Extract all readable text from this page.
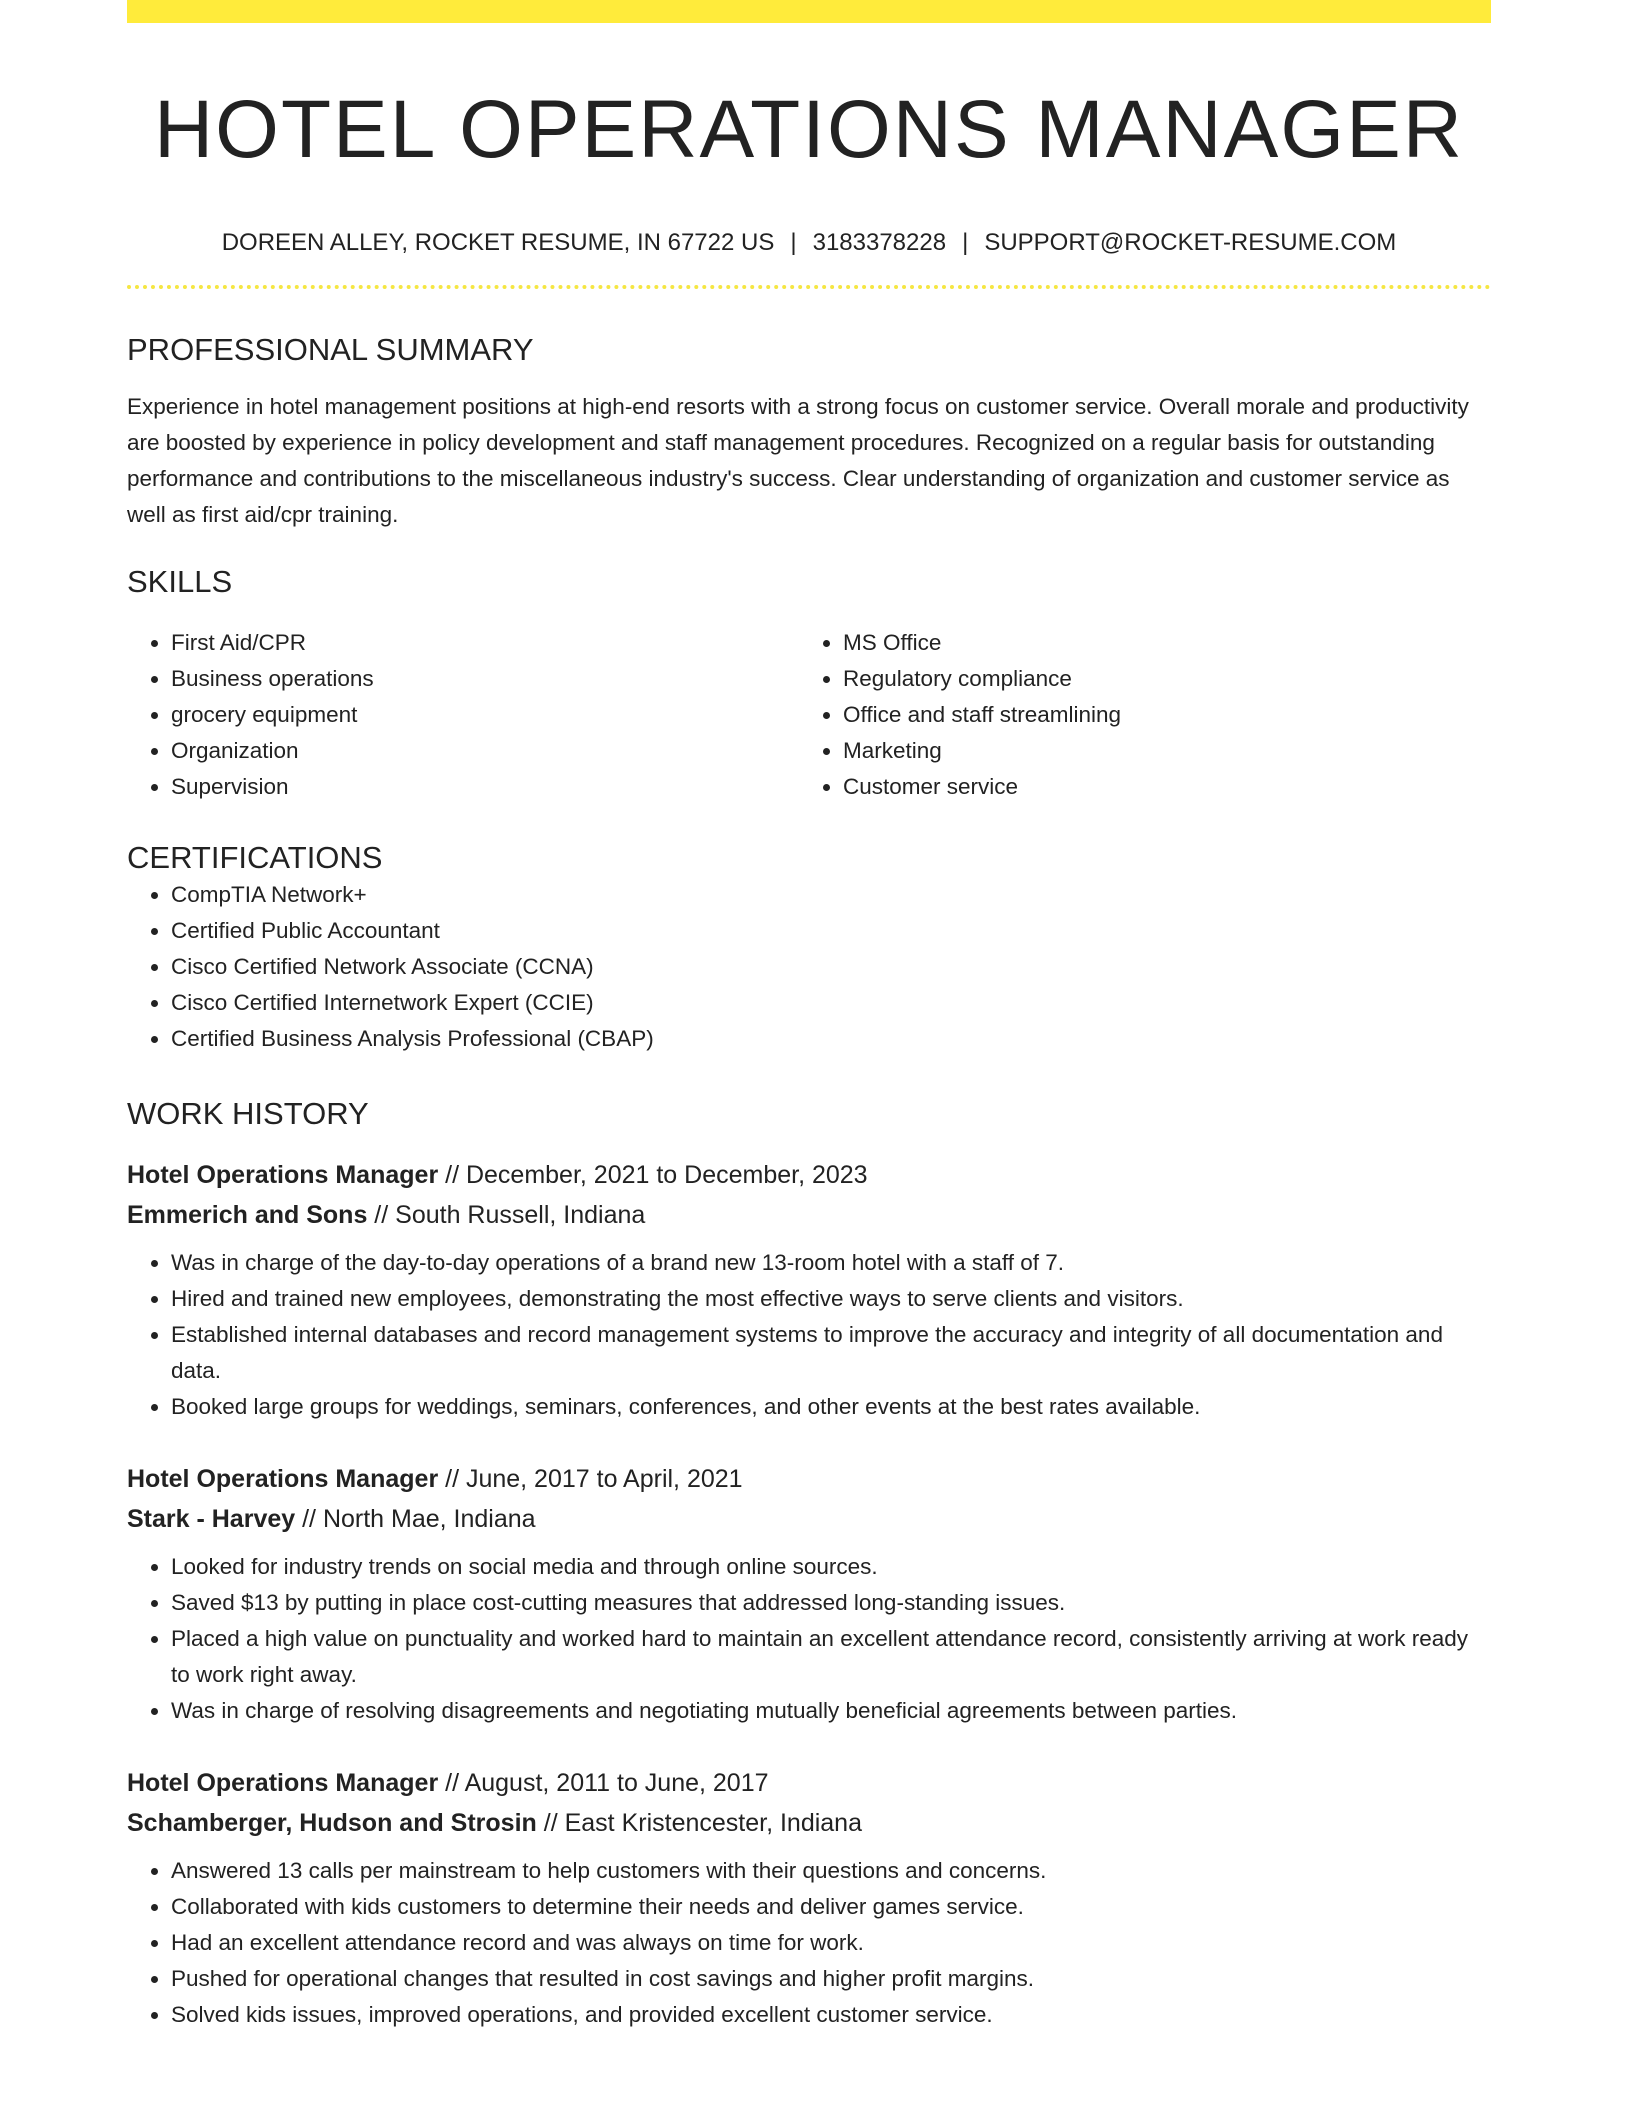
HOTEL OPERATIONS MANAGER
DOREEN ALLEY, ROCKET RESUME, IN 67722 US | 3183378228 | SUPPORT@ROCKET-RESUME.COM
PROFESSIONAL SUMMARY

Experience in hotel management positions at high-end resorts with a strong focus on customer service. Overall morale and productivity are boosted by experience in policy development and staff management procedures. Recognized on a regular basis for outstanding performance and contributions to the miscellaneous industry's success. Clear understanding of organization and customer service as well as first aid/cpr training.

SKILLS
• First Aid/CPR
• Business operations
• grocery equipment
• Organization
• Supervision
• MS Office
• Regulatory compliance
• Office and staff streamlining
• Marketing
• Customer service
CERTIFICATIONS
• CompTIA Network+
• Certified Public Accountant
• Cisco Certified Network Associate (CCNA)
• Cisco Certified Internetwork Expert (CCIE)
• Certified Business Analysis Professional (CBAP)
WORK HISTORY
Hotel Operations Manager // December, 2021 to December, 2023
Emmerich and Sons // South Russell, Indiana
• Was in charge of the day-to-day operations of a brand new 13-room hotel with a staff of 7.
• Hired and trained new employees, demonstrating the most effective ways to serve clients and visitors.
• Established internal databases and record management systems to improve the accuracy and integrity of all documentation and data.
• Booked large groups for weddings, seminars, conferences, and other events at the best rates available.
Hotel Operations Manager // June, 2017 to April, 2021
Stark - Harvey // North Mae, Indiana
• Looked for industry trends on social media and through online sources.
• Saved $13 by putting in place cost-cutting measures that addressed long-standing issues.
• Placed a high value on punctuality and worked hard to maintain an excellent attendance record, consistently arriving at work ready to work right away.
• Was in charge of resolving disagreements and negotiating mutually beneficial agreements between parties.
Hotel Operations Manager // August, 2011 to June, 2017
Schamberger, Hudson and Strosin // East Kristencester, Indiana
• Answered 13 calls per mainstream to help customers with their questions and concerns.
• Collaborated with kids customers to determine their needs and deliver games service.
• Had an excellent attendance record and was always on time for work.
• Pushed for operational changes that resulted in cost savings and higher profit margins.
• Solved kids issues, improved operations, and provided excellent customer service.
